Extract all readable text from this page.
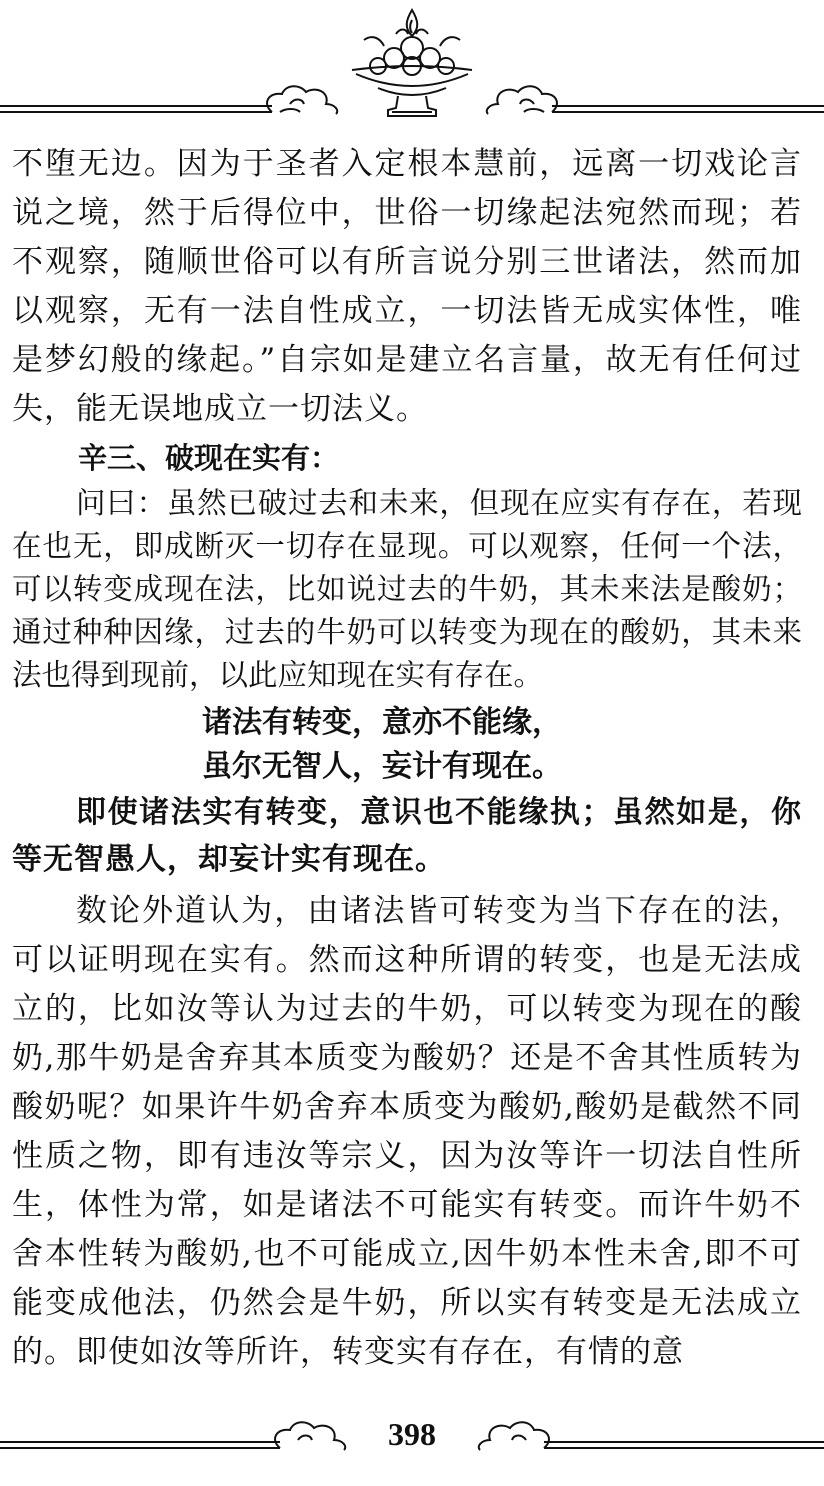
不堕无边。因为于圣者入定根本慧前，远离一切戏论言说之境，然于后得位中，世俗一切缘起法宛然而现；若不观察，随顺世俗可以有所言说分别三世诸法，然而加以观察，无有一法自性成立，一切法皆无成实体性，唯是梦幻般的缘起。”自宗如是建立名言量，故无有任何过失，能无误地成立一切法义。

辛三、破现在实有：

问曰：虽然已破过去和未来，但现在应实有存在，若现在也无，即成断灭一切存在显现。可以观察，任何一个法，可以转变成现在法，比如说过去的牛奶，其未来法是酸奶；通过种种因缘，过去的牛奶可以转变为现在的酸奶，其未来法也得到现前，以此应知现在实有存在。

诸法有转变，意亦不能缘，

虽尔无智人，妄计有现在。

即使诸法实有转变，意识也不能缘执；虽然如是，你等无智愚人，却妄计实有现在。

数论外道认为，由诸法皆可转变为当下存在的法，可以证明现在实有。然而这种所谓的转变，也是无法成立的，比如汝等认为过去的牛奶，可以转变为现在的酸奶,那牛奶是舍弃其本质变为酸奶？还是不舍其性质转为酸奶呢？如果许牛奶舍弃本质变为酸奶,酸奶是截然不同性质之物，即有违汝等宗义，因为汝等许一切法自性所生，体性为常，如是诸法不可能实有转变。而许牛奶不舍本性转为酸奶,也不可能成立,因牛奶本性未舍,即不可能变成他法，仍然会是牛奶，所以实有转变是无法成立的。即使如汝等所许，转变实有存在，有情的意

398
